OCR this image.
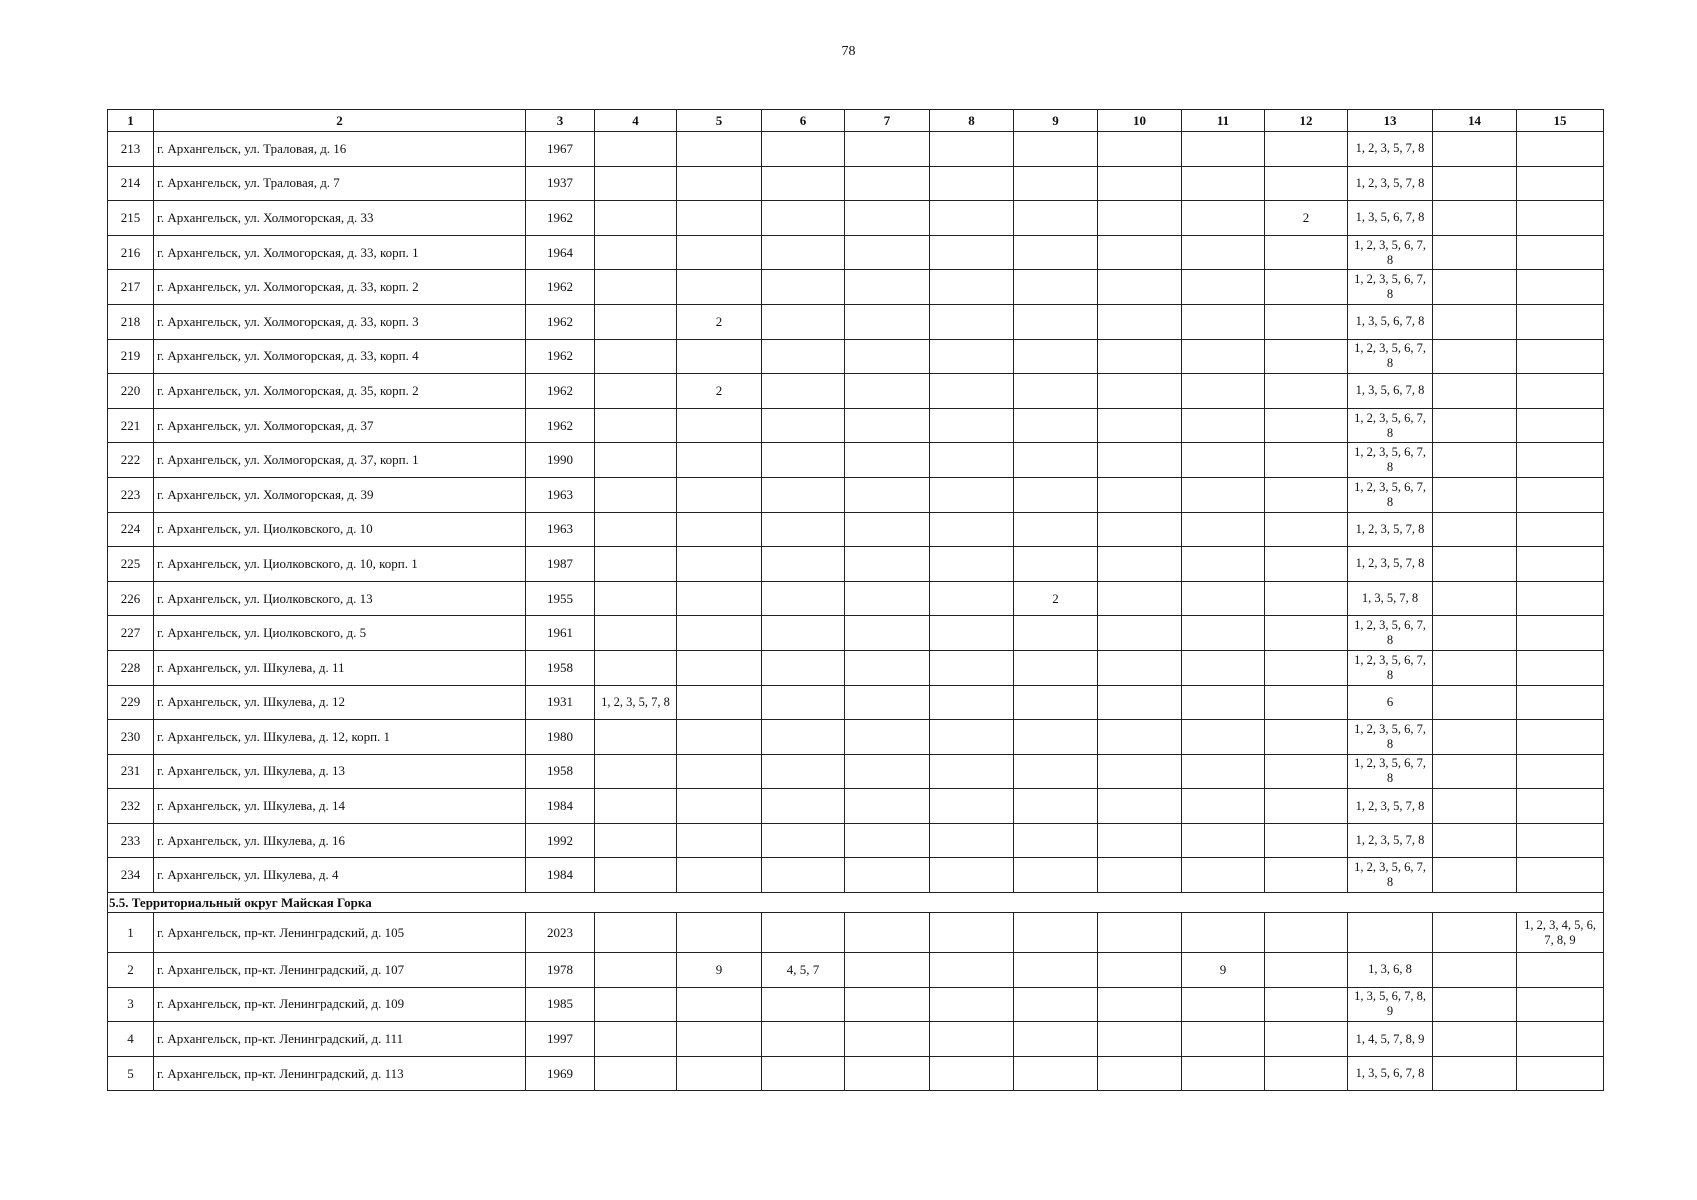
78
1	2	3	4	5	6	7	8	9	10	11	12	13	14	15
213	г. Архангельск, ул. Траловая, д. 16	1967										1, 2, 3, 5, 7, 8		
214	г. Архангельск, ул. Траловая, д. 7	1937										1, 2, 3, 5, 7, 8		
215	г. Архангельск, ул. Холмогорская, д. 33	1962									2	1, 3, 5, 6, 7, 8		
216	г. Архангельск, ул. Холмогорская, д. 33, корп. 1	1964										1, 2, 3, 5, 6, 7, 8		
217	г. Архангельск, ул. Холмогорская, д. 33, корп. 2	1962										1, 2, 3, 5, 6, 7, 8		
218	г. Архангельск, ул. Холмогорская, д. 33, корп. 3	1962		2								1, 3, 5, 6, 7, 8		
219	г. Архангельск, ул. Холмогорская, д. 33, корп. 4	1962										1, 2, 3, 5, 6, 7, 8		
220	г. Архангельск, ул. Холмогорская, д. 35, корп. 2	1962		2								1, 3, 5, 6, 7, 8		
221	г. Архангельск, ул. Холмогорская, д. 37	1962										1, 2, 3, 5, 6, 7, 8		
222	г. Архангельск, ул. Холмогорская, д. 37, корп. 1	1990										1, 2, 3, 5, 6, 7, 8		
223	г. Архангельск, ул. Холмогорская, д. 39	1963										1, 2, 3, 5, 6, 7, 8		
224	г. Архангельск, ул. Циолковского, д. 10	1963										1, 2, 3, 5, 7, 8		
225	г. Архангельск, ул. Циолковского, д. 10, корп. 1	1987										1, 2, 3, 5, 7, 8		
226	г. Архангельск, ул. Циолковского, д. 13	1955						2				1, 3, 5, 7, 8		
227	г. Архангельск, ул. Циолковского, д. 5	1961										1, 2, 3, 5, 6, 7, 8		
228	г. Архангельск, ул. Шкулева, д. 11	1958										1, 2, 3, 5, 6, 7, 8		
229	г. Архангельск, ул. Шкулева, д. 12	1931	1, 2, 3, 5, 7, 8									6		
230	г. Архангельск, ул. Шкулева, д. 12, корп. 1	1980										1, 2, 3, 5, 6, 7, 8		
231	г. Архангельск, ул. Шкулева, д. 13	1958										1, 2, 3, 5, 6, 7, 8		
232	г. Архангельск, ул. Шкулева, д. 14	1984										1, 2, 3, 5, 7, 8		
233	г. Архангельск, ул. Шкулева, д. 16	1992										1, 2, 3, 5, 7, 8		
234	г. Архангельск, ул. Шкулева, д. 4	1984										1, 2, 3, 5, 6, 7, 8		
5.5. Территориальный округ Майская Горка														
1	г. Архангельск, пр-кт. Ленинградский, д. 105	2023												1, 2, 3, 4, 5, 6, 7, 8, 9
2	г. Архангельск, пр-кт. Ленинградский, д. 107	1978		9	4, 5, 7					9		1, 3, 6, 8		
3	г. Архангельск, пр-кт. Ленинградский, д. 109	1985										1, 3, 5, 6, 7, 8, 9		
4	г. Архангельск, пр-кт. Ленинградский, д. 111	1997										1, 4, 5, 7, 8, 9		
5	г. Архангельск, пр-кт. Ленинградский, д. 113	1969										1, 3, 5, 6, 7, 8		
